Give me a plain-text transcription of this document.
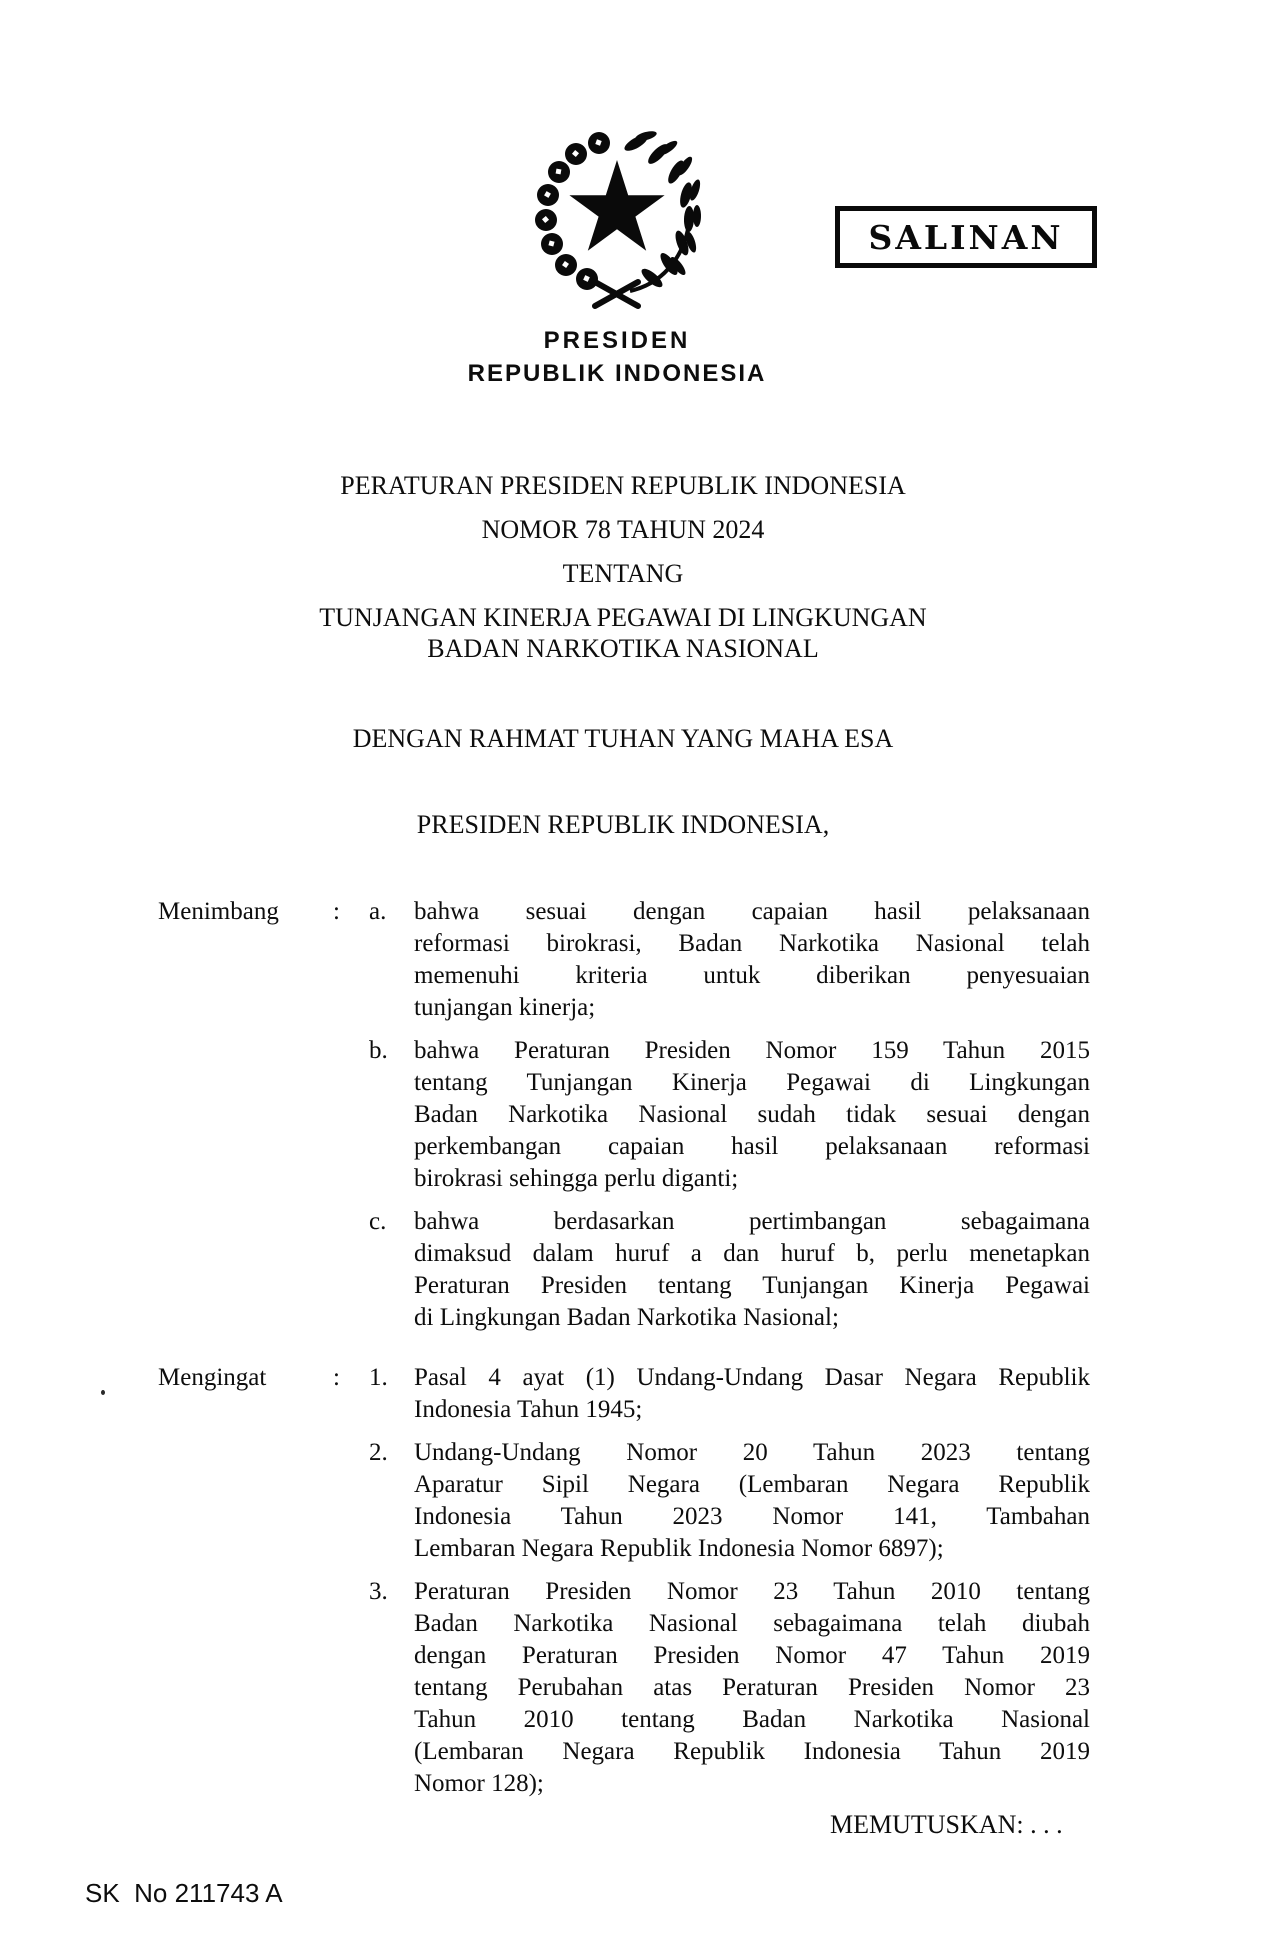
SALINAN
PRESIDEN
REPUBLIK INDONESIA

PERATURAN PRESIDEN REPUBLIK INDONESIA

NOMOR 78 TAHUN 2024

TENTANG

TUNJANGAN KINERJA PEGAWAI DI LINGKUNGAN
BADAN NARKOTIKA NASIONAL

DENGAN RAHMAT TUHAN YANG MAHA ESA
PRESIDEN REPUBLIK INDONESIA,
Menimbang	:	a.	bahwa sesuai dengan capaian hasil pelaksanaan
reformasi birokrasi, Badan Narkotika Nasional telah
memenuhi kriteria untuk diberikan penyesuaian
tunjangan kinerja;
b.	bahwa Peraturan Presiden Nomor 159 Tahun 2015
tentang Tunjangan Kinerja Pegawai di Lingkungan
Badan Narkotika Nasional sudah tidak sesuai dengan
perkembangan capaian hasil pelaksanaan reformasi
birokrasi sehingga perlu diganti;
c.	bahwa berdasarkan pertimbangan sebagaimana
dimaksud dalam huruf a dan huruf b, perlu menetapkan
Peraturan Presiden tentang Tunjangan Kinerja Pegawai
di Lingkungan Badan Narkotika Nasional;
Mengingat	:	1.	Pasal 4 ayat (1) Undang-Undang Dasar Negara Republik
Indonesia Tahun 1945;
2.	Undang-Undang Nomor 20 Tahun 2023 tentang
Aparatur Sipil Negara (Lembaran Negara Republik
Indonesia Tahun 2023 Nomor 141, Tambahan
Lembaran Negara Republik Indonesia Nomor 6897);
3.	Peraturan Presiden Nomor 23 Tahun 2010 tentang
Badan Narkotika Nasional sebagaimana telah diubah
dengan Peraturan Presiden Nomor 47 Tahun 2019
tentang Perubahan atas Peraturan Presiden Nomor 23
Tahun 2010 tentang Badan Narkotika Nasional
(Lembaran Negara Republik Indonesia Tahun 2019
Nomor 128);
MEMUTUSKAN: . . .
SK  No 211743 A
